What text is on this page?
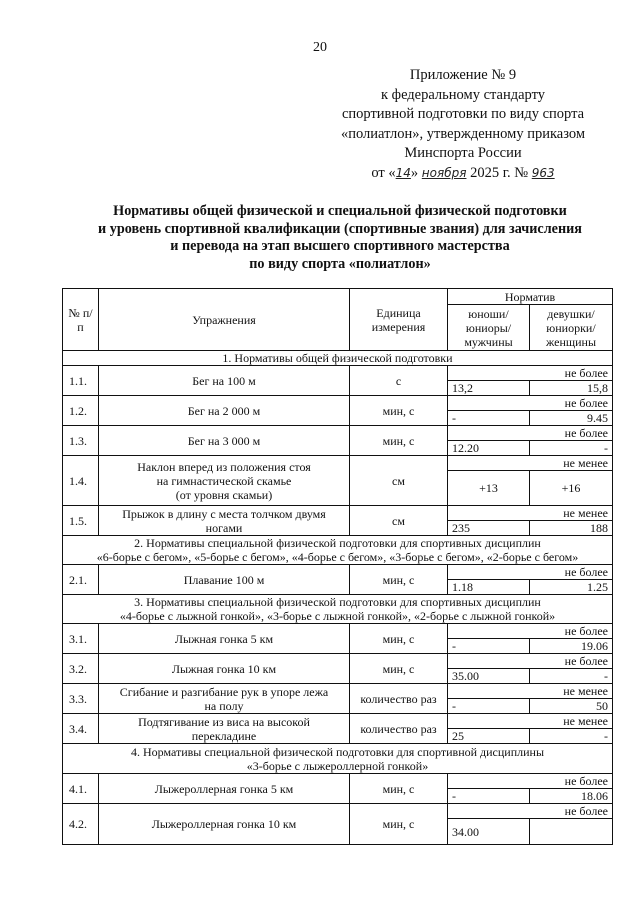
20
Приложение № 9
к федеральному стандарту
спортивной подготовки по виду спорта
«полиатлон», утвержденному приказом
Минспорта России
от «14» ноября 2025 г. № 963
Нормативы общей физической и специальной физической подготовки
и уровень спортивной квалификации (спортивные звания) для зачисления
и перевода на этап высшего спортивного мастерства
по виду спорта «полиатлон»
№ п/п	Упражнения	Единица измерения	Норматив	
			юноши/ юниоры/ мужчины	девушки/ юниорки/ женщины
1. Нормативы общей физической подготовки				
1.1.	Бег на 100 м	с	не более	
			13,2	15,8
1.2.	Бег на 2 000 м	мин, с	не более	
			-	9.45
1.3.	Бег на 3 000 м	мин, с	не более	
			12.20	-
1.4.	Наклон вперед из положения стоя
на гимнастической скамье
(от уровня скамьи)	см	не менее	
			+13	+16
1.5.	Прыжок в длину с места толчком двумя
ногами	см	не менее	
			235	188

2. Нормативы специальной физической подготовки для спортивных дисциплин
«6-борье с бегом», «5-борье с бегом», «4-борье с бегом», «3-борье с бегом», «2-борье с бегом»				

2.1.	Плавание 100 м	мин, с	не более	
			1.18	1.25

3. Нормативы специальной физической подготовки для спортивных дисциплин
«4-борье с лыжной гонкой», «3-борье с лыжной гонкой», «2-борье с лыжной гонкой»				

3.1.	Лыжная гонка 5 км	мин, с	не более	
			-	19.06
3.2.	Лыжная гонка 10 км	мин, с	не более	
			35.00	-
3.3.	Сгибание и разгибание рук в упоре лежа
на полу	количество раз	не менее	
			-	50
3.4.	Подтягивание из виса на высокой
перекладине	количество раз	не менее	
			25	-

4. Нормативы специальной физической подготовки для спортивной дисциплины
«3-борье с лыжероллерной гонкой»				

4.1.	Лыжероллерная гонка 5 км	мин, с	не более	
			-	18.06
4.2.	Лыжероллерная гонка 10 км	мин, с	не более	
			34.00	
